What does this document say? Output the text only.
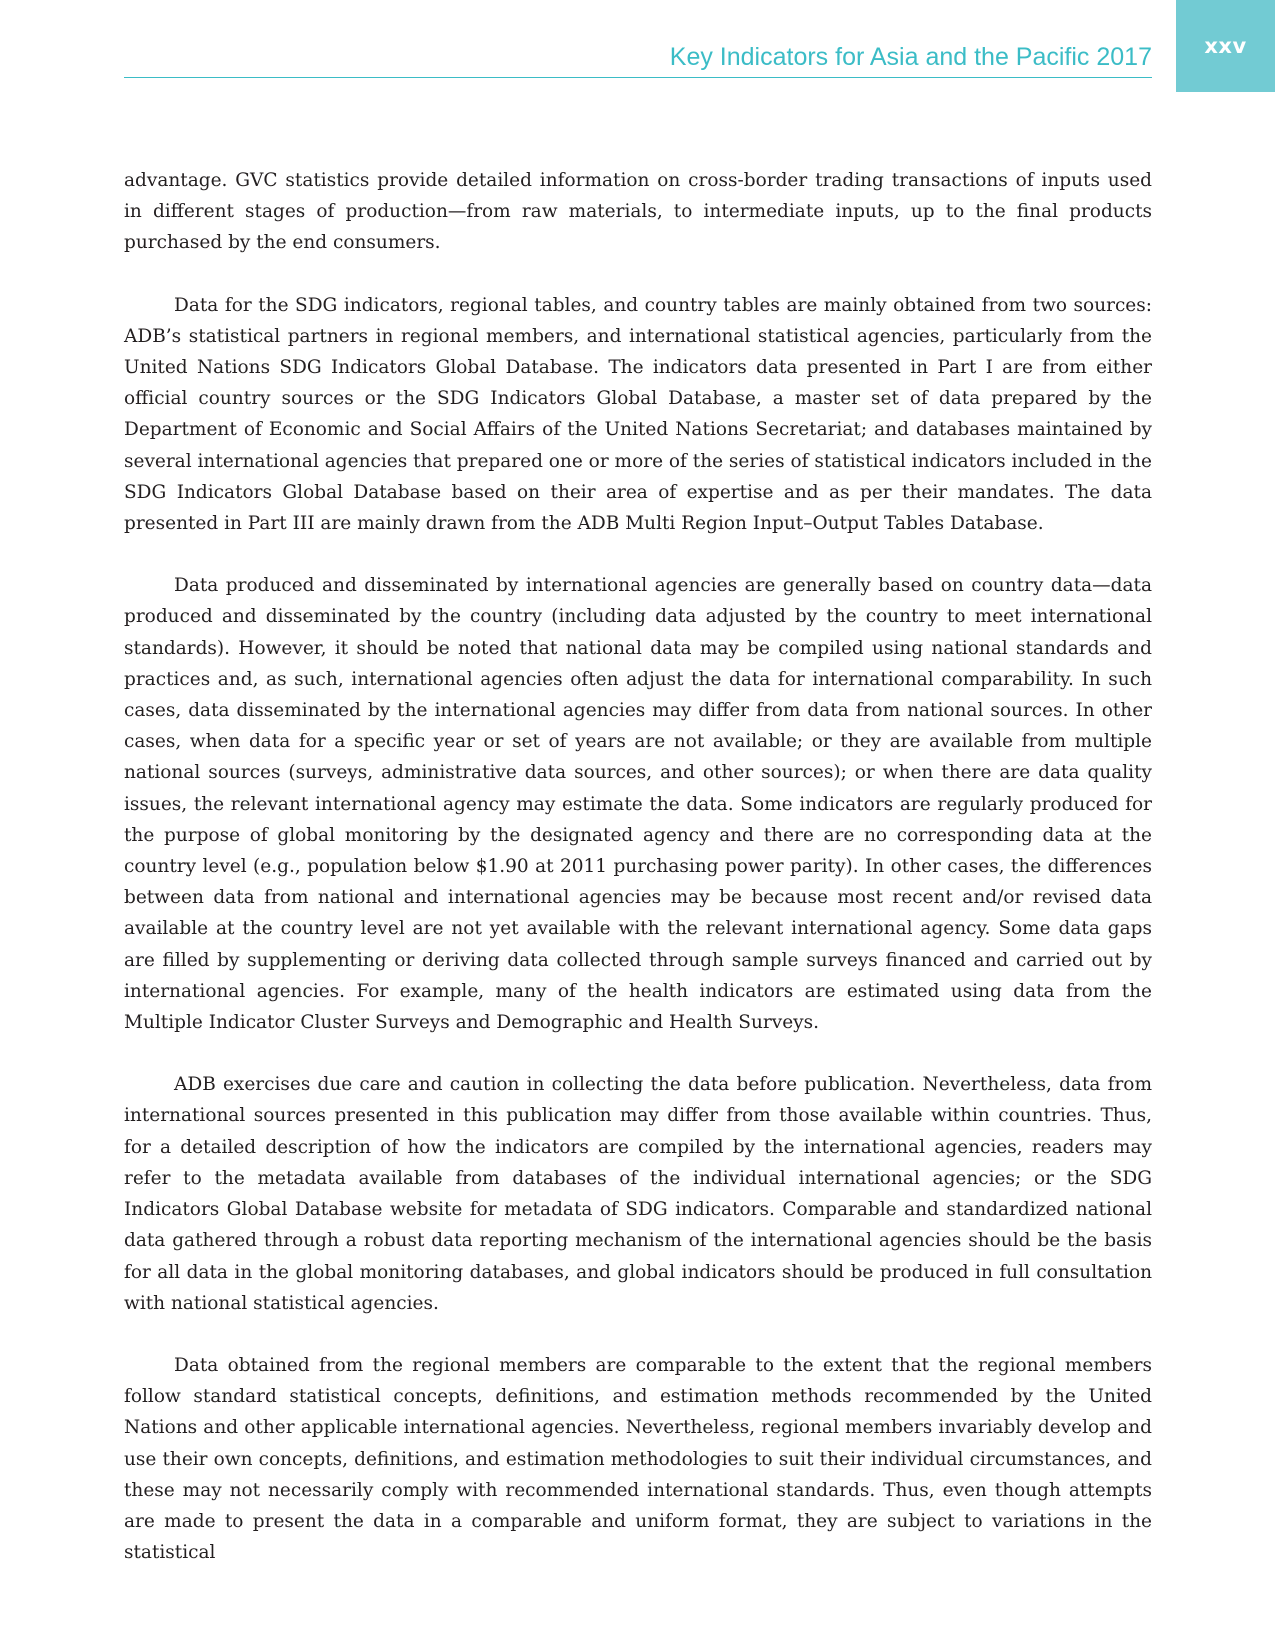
xxv
Key Indicators for Asia and the Pacific 2017

advantage. GVC statistics provide detailed information on cross-border trading transactions of inputs used in different stages of production—from raw materials, to intermediate inputs, up to the final products purchased by the end consumers.

Data for the SDG indicators, regional tables, and country tables are mainly obtained from two sources: ADB’s statistical partners in regional members, and international statistical agencies, particularly from the United Nations SDG Indicators Global Database. The indicators data presented in Part I are from either official country sources or the SDG Indicators Global Database, a master set of data prepared by the Department of Economic and Social Affairs of the United Nations Secretariat; and databases maintained by several international agencies that prepared one or more of the series of statistical indicators included in the SDG Indicators Global Database based on their area of expertise and as per their mandates. The data presented in Part III are mainly drawn from the ADB Multi Region Input–Output Tables Database.

Data produced and disseminated by international agencies are generally based on country data—data produced and disseminated by the country (including data adjusted by the country to meet international standards). However, it should be noted that national data may be compiled using national standards and practices and, as such, international agencies often adjust the data for international comparability. In such cases, data disseminated by the international agencies may differ from data from national sources. In other cases, when data for a specific year or set of years are not available; or they are available from multiple national sources (surveys, administrative data sources, and other sources); or when there are data quality issues, the relevant international agency may estimate the data. Some indicators are regularly produced for the purpose of global monitoring by the designated agency and there are no corresponding data at the country level (e.g., population below $1.90 at 2011 purchasing power parity). In other cases, the differences between data from national and international agencies may be because most recent and/or revised data available at the country level are not yet available with the relevant international agency. Some data gaps are filled by supplementing or deriving data collected through sample surveys financed and carried out by international agencies. For example, many of the health indicators are estimated using data from the Multiple Indicator Cluster Surveys and Demographic and Health Surveys.

ADB exercises due care and caution in collecting the data before publication. Nevertheless, data from international sources presented in this publication may differ from those available within countries. Thus, for a detailed description of how the indicators are compiled by the international agencies, readers may refer to the metadata available from databases of the individual international agencies; or the SDG Indicators Global Database website for metadata of SDG indicators. Comparable and standardized national data gathered through a robust data reporting mechanism of the international agencies should be the basis for all data in the global monitoring databases, and global indicators should be produced in full consultation with national statistical agencies.

Data obtained from the regional members are comparable to the extent that the regional members follow standard statistical concepts, definitions, and estimation methods recommended by the United Nations and other applicable international agencies. Nevertheless, regional members invariably develop and use their own concepts, definitions, and estimation methodologies to suit their individual circumstances, and these may not necessarily comply with recommended international standards. Thus, even though attempts are made to present the data in a comparable and uniform format, they are subject to variations in the statistical
